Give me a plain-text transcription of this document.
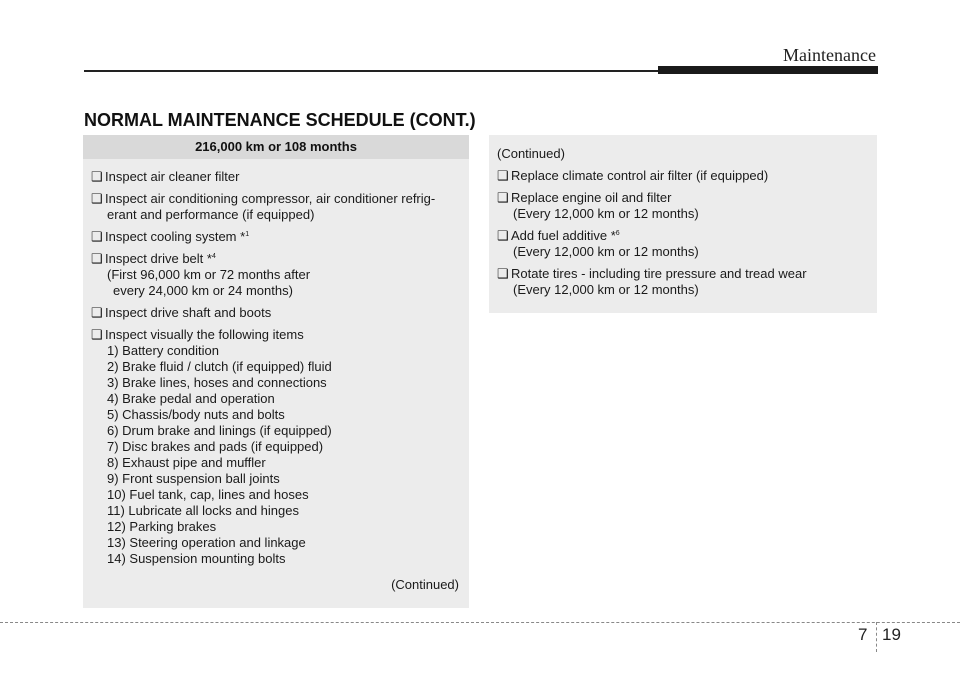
Maintenance
NORMAL MAINTENANCE SCHEDULE (CONT.)
216,000 km or 108 months
❑ Inspect air cleaner filter
❑ Inspect air conditioning compressor, air conditioner refrig-
erant and performance (if equipped)
❑ Inspect cooling system *$^1$
❑ Inspect drive belt *$^4$
(First 96,000 km or 72 months after
every 24,000 km or 24 months)
❑ Inspect drive shaft and boots
❑ Inspect visually the following items
1) Battery condition
2) Brake fluid / clutch (if equipped) fluid
3) Brake lines, hoses and connections
4) Brake pedal and operation
5) Chassis/body nuts and bolts
6) Drum brake and linings (if equipped)
7) Disc brakes and pads (if equipped)
8) Exhaust pipe and muffler
9) Front suspension ball joints
10) Fuel tank, cap, lines and hoses
11) Lubricate all locks and hinges
12) Parking brakes
13) Steering operation and linkage
14) Suspension mounting bolts
(Continued)
(Continued)
❑ Replace climate control air filter (if equipped)
❑ Replace engine oil and filter
(Every 12,000 km or 12 months)
❑ Add fuel additive *$^6$
(Every 12,000 km or 12 months)
❑ Rotate tires - including tire pressure and tread wear
(Every 12,000 km or 12 months)
7 19
